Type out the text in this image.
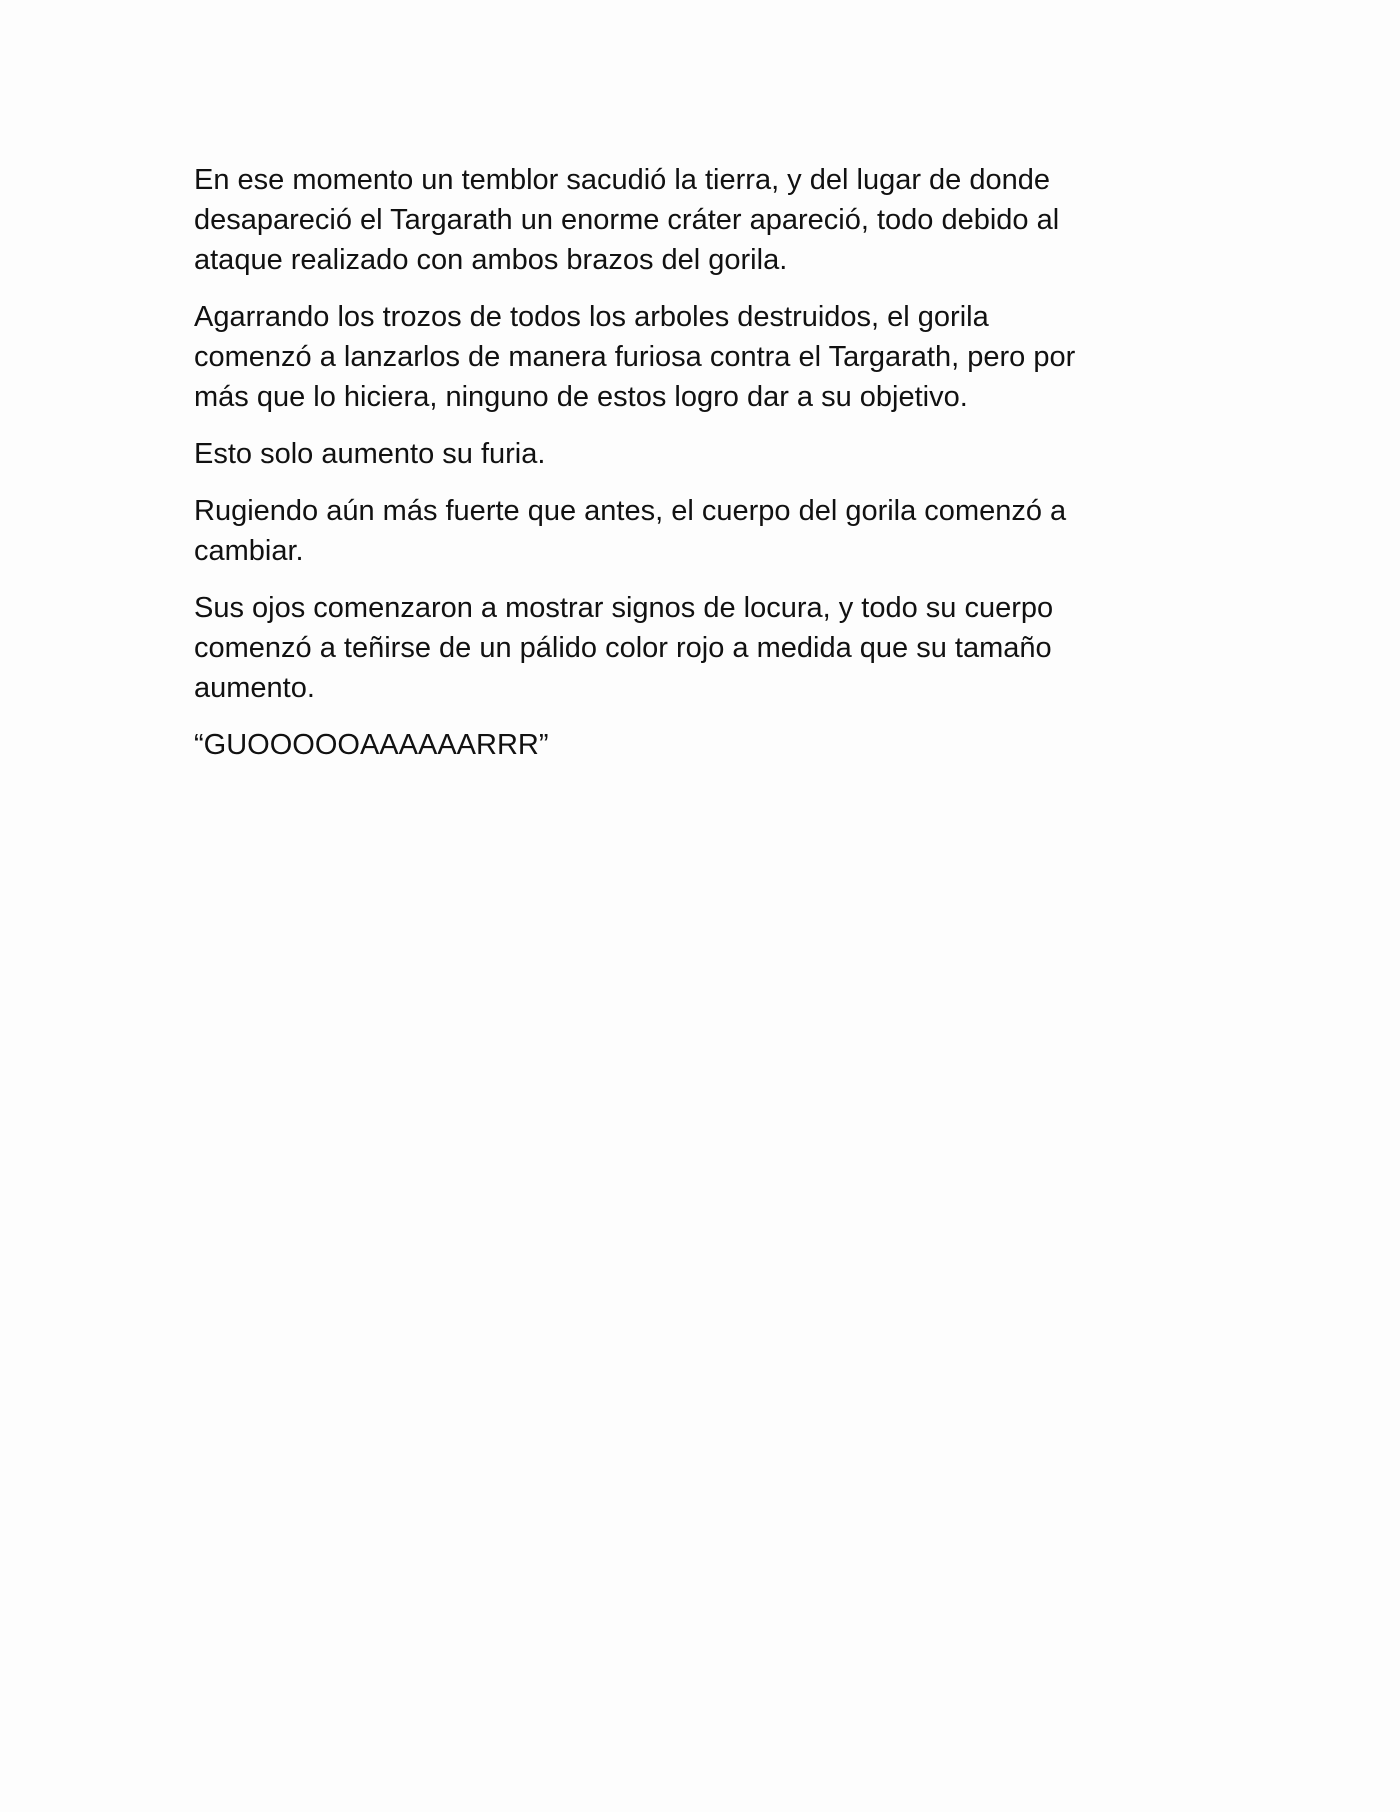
En ese momento un temblor sacudió la tierra, y del lugar de donde
desapareció el Targarath un enorme cráter apareció, todo debido al
ataque realizado con ambos brazos del gorila.

Agarrando los trozos de todos los arboles destruidos, el gorila
comenzó a lanzarlos de manera furiosa contra el Targarath, pero por
más que lo hiciera, ninguno de estos logro dar a su objetivo.

Esto solo aumento su furia.

Rugiendo aún más fuerte que antes, el cuerpo del gorila comenzó a
cambiar.

Sus ojos comenzaron a mostrar signos de locura, y todo su cuerpo
comenzó a teñirse de un pálido color rojo a medida que su tamaño
aumento.

“GUOOOOOAAAAAARRR”
